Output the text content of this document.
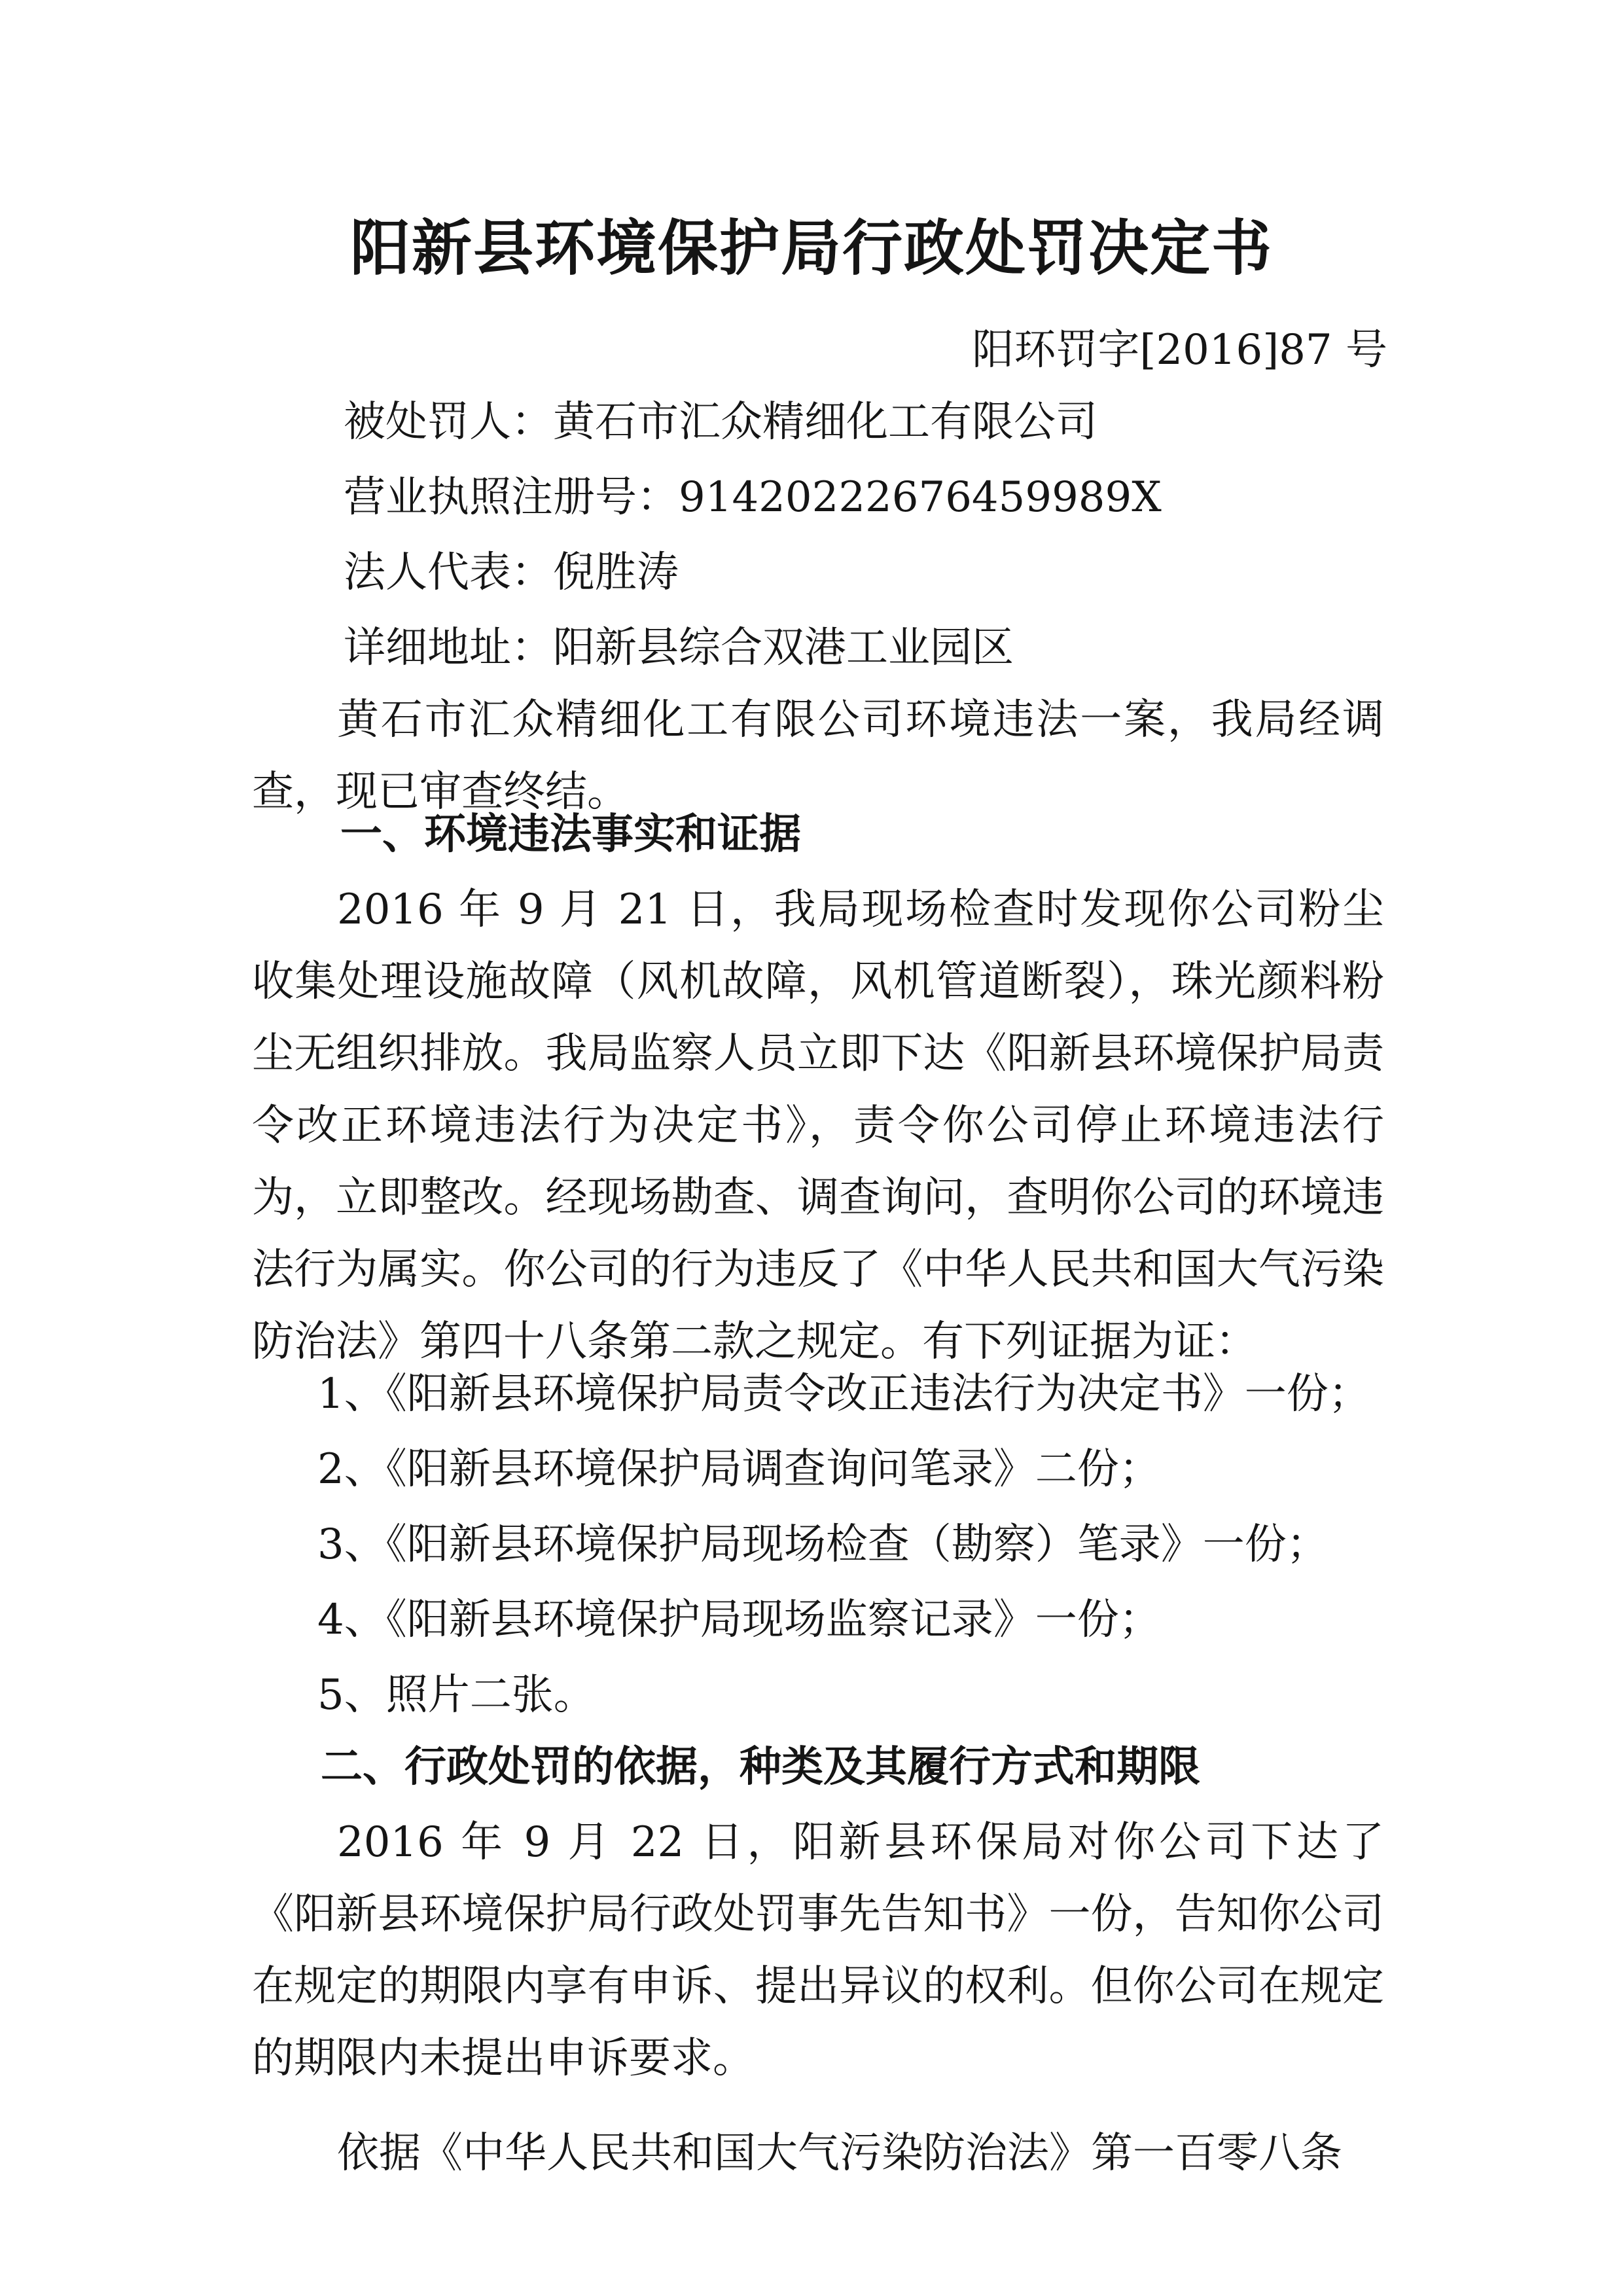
阳新县环境保护局行政处罚决定书
阳环罚字[2016]87 号
被处罚人：黄石市汇众精细化工有限公司
营业执照注册号：91420222676459989X
法人代表：倪胜涛
详细地址：阳新县综合双港工业园区
黄石市汇众精细化工有限公司环境违法一案，我局经调查，现已审查终结。
一、环境违法事实和证据
2016 年 9 月 21 日，我局现场检查时发现你公司粉尘收集处理设施故障（风机故障，风机管道断裂），珠光颜料粉尘无组织排放。我局监察人员立即下达《阳新县环境保护局责令改正环境违法行为决定书》，责令你公司停止环境违法行为，立即整改。经现场勘查、调查询问，查明你公司的环境违法行为属实。你公司的行为违反了《中华人民共和国大气污染防治法》第四十八条第二款之规定。有下列证据为证：
1、《阳新县环境保护局责令改正违法行为决定书》一份；
2、《阳新县环境保护局调查询问笔录》二份；
3、《阳新县环境保护局现场检查（勘察）笔录》一份；
4、《阳新县环境保护局现场监察记录》一份；
5、照片二张。
二、行政处罚的依据，种类及其履行方式和期限
2016 年 9 月 22 日，阳新县环保局对你公司下达了《阳新县环境保护局行政处罚事先告知书》一份，告知你公司在规定的期限内享有申诉、提出异议的权利。但你公司在规定的期限内未提出申诉要求。
依据《中华人民共和国大气污染防治法》第一百零八条
